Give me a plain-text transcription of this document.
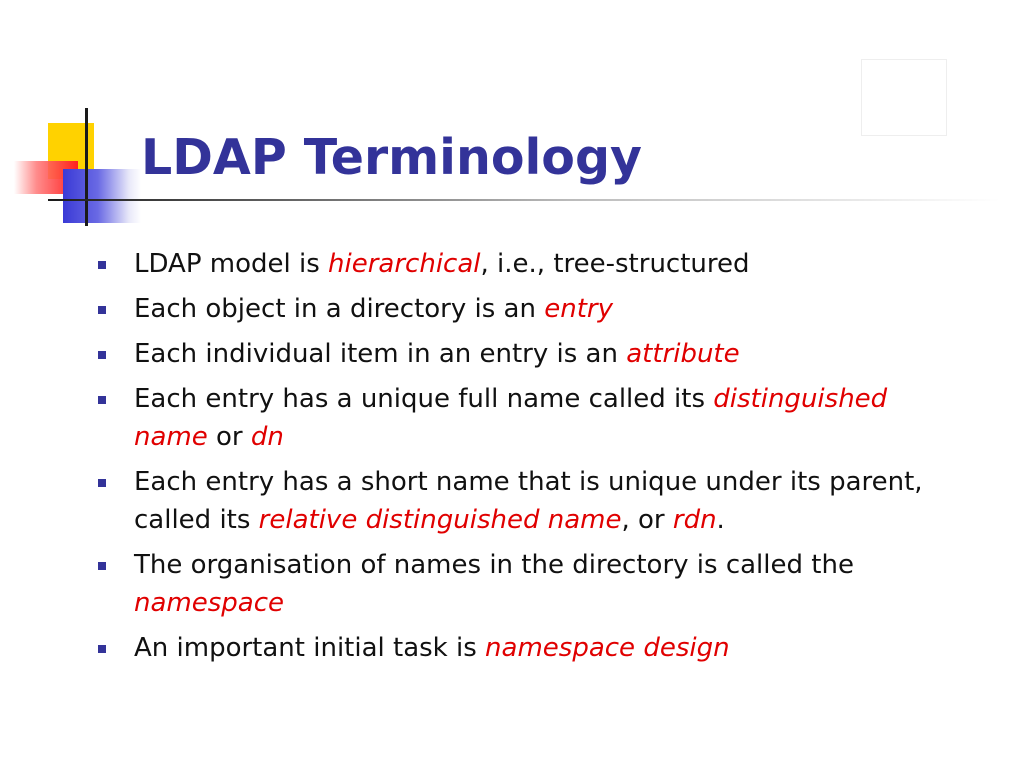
LDAP Terminology
LDAP model is hierarchical, i.e., tree-structured
Each object in a directory is an entry
Each individual item in an entry is an attribute
Each entry has a unique full name called its distinguished name or dn
Each entry has a short name that is unique under its parent, called its relative distinguished name, or rdn.
The organisation of names in the directory is called the namespace
An important initial task is namespace design
